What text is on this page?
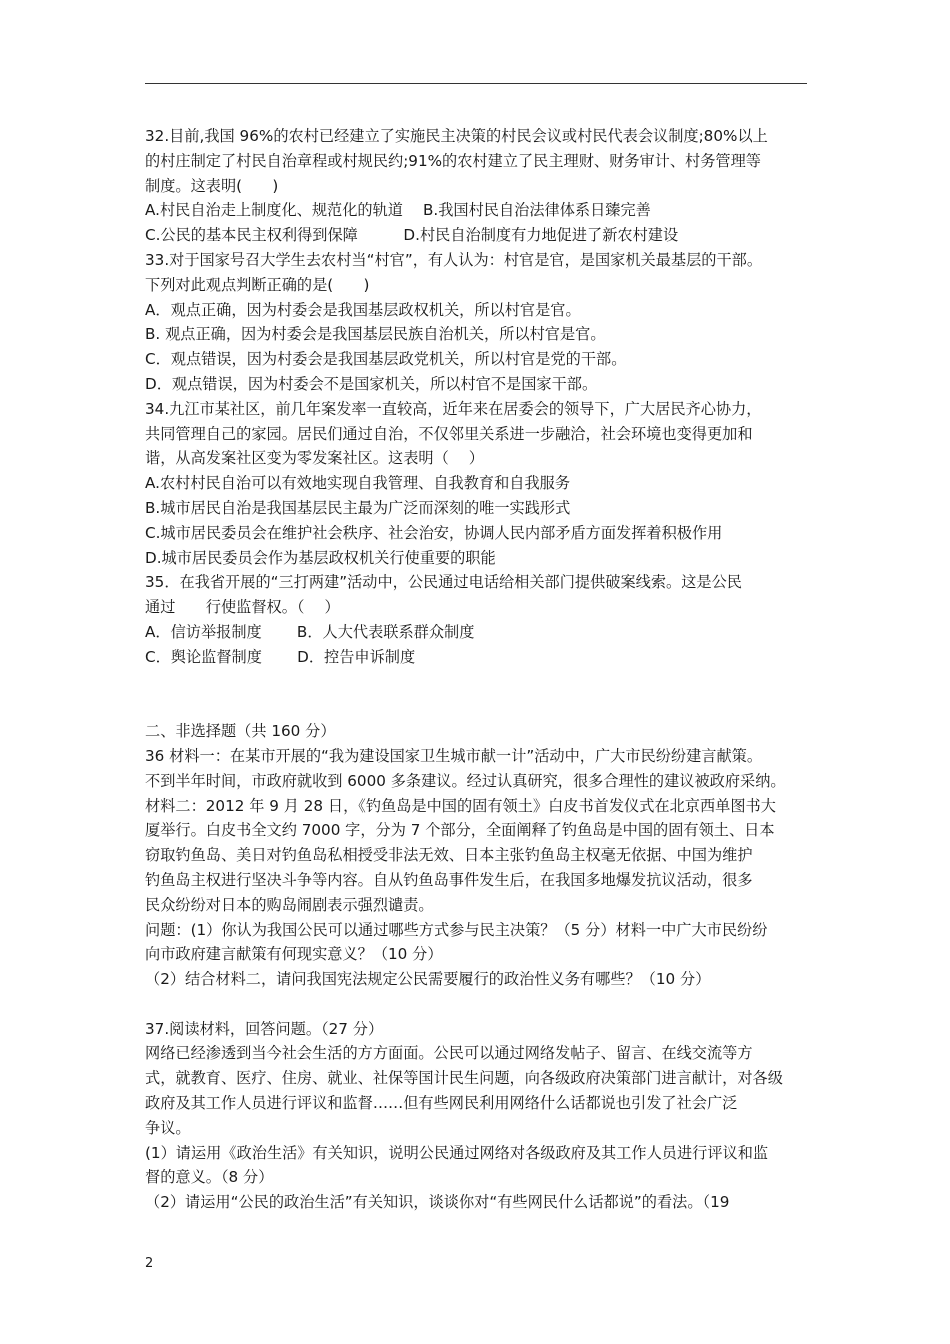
32.目前,我国 96%的农村已经建立了实施民主决策的村民会议或村民代表会议制度;80%以上
的村庄制定了村民自治章程或村规民约;91%的农村建立了民主理财、财务审计、村务管理等
制度。这表明(　　)
A.村民自治走上制度化、规范化的轨道　 B.我国村民自治法律体系日臻完善
C.公民的基本民主权利得到保障　　　D.村民自治制度有力地促进了新农村建设
33.对于国家号召大学生去农村当“村官”，有人认为：村官是官，是国家机关最基层的干部。
下列对此观点判断正确的是(　　)
A．观点正确，因为村委会是我国基层政权机关，所以村官是官。
B. 观点正确，因为村委会是我国基层民族自治机关，所以村官是官。
C．观点错误，因为村委会是我国基层政党机关，所以村官是党的干部。
D．观点错误，因为村委会不是国家机关，所以村官不是国家干部。
34.九江市某社区，前几年案发率一直较高，近年来在居委会的领导下，广大居民齐心协力，
共同管理自己的家园。居民们通过自治，不仅邻里关系进一步融洽，社会环境也变得更加和
谐，从高发案社区变为零发案社区。这表明（　 ）
A.农村村民自治可以有效地实现自我管理、自我教育和自我服务
B.城市居民自治是我国基层民主最为广泛而深刻的唯一实践形式
C.城市居民委员会在维护社会秩序、社会治安，协调人民内部矛盾方面发挥着积极作用
D.城市居民委员会作为基层政权机关行使重要的职能
35．在我省开展的“三打两建”活动中，公民通过电话给相关部门提供破案线索。这是公民
通过　　行使监督权。（　 ）
A．信访举报制度　　 B．人大代表联系群众制度
C．舆论监督制度　　 D．控告申诉制度
二、非选择题（共 160 分）
36 材料一：在某市开展的“我为建设国家卫生城市献一计”活动中，广大市民纷纷建言献策。
不到半年时间，市政府就收到 6000 多条建议。经过认真研究，很多合理性的建议被政府采纳。
材料二：2012 年 9 月 28 日，《钓鱼岛是中国的固有领土》白皮书首发仪式在北京西单图书大
厦举行。白皮书全文约 7000 字，分为 7 个部分，全面阐释了钓鱼岛是中国的固有领土、日本
窃取钓鱼岛、美日对钓鱼岛私相授受非法无效、日本主张钓鱼岛主权毫无依据、中国为维护
钓鱼岛主权进行坚决斗争等内容。自从钓鱼岛事件发生后，在我国多地爆发抗议活动，很多
民众纷纷对日本的购岛闹剧表示强烈谴责。
问题：(1）你认为我国公民可以通过哪些方式参与民主决策？（5 分）材料一中广大市民纷纷
向市政府建言献策有何现实意义？（10 分）
（2）结合材料二，请问我国宪法规定公民需要履行的政治性义务有哪些？（10 分）
37.阅读材料，回答问题。（27 分）
网络已经渗透到当今社会生活的方方面面。公民可以通过网络发帖子、留言、在线交流等方
式，就教育、医疗、住房、就业、社保等国计民生问题，向各级政府决策部门进言献计，对各级
政府及其工作人员进行评议和监督……但有些网民利用网络什么话都说也引发了社会广泛
争议。
(1）请运用《政治生活》有关知识，说明公民通过网络对各级政府及其工作人员进行评议和监
督的意义。（8 分）
（2）请运用“公民的政治生活”有关知识，谈谈你对“有些网民什么话都说”的看法。（19
2
